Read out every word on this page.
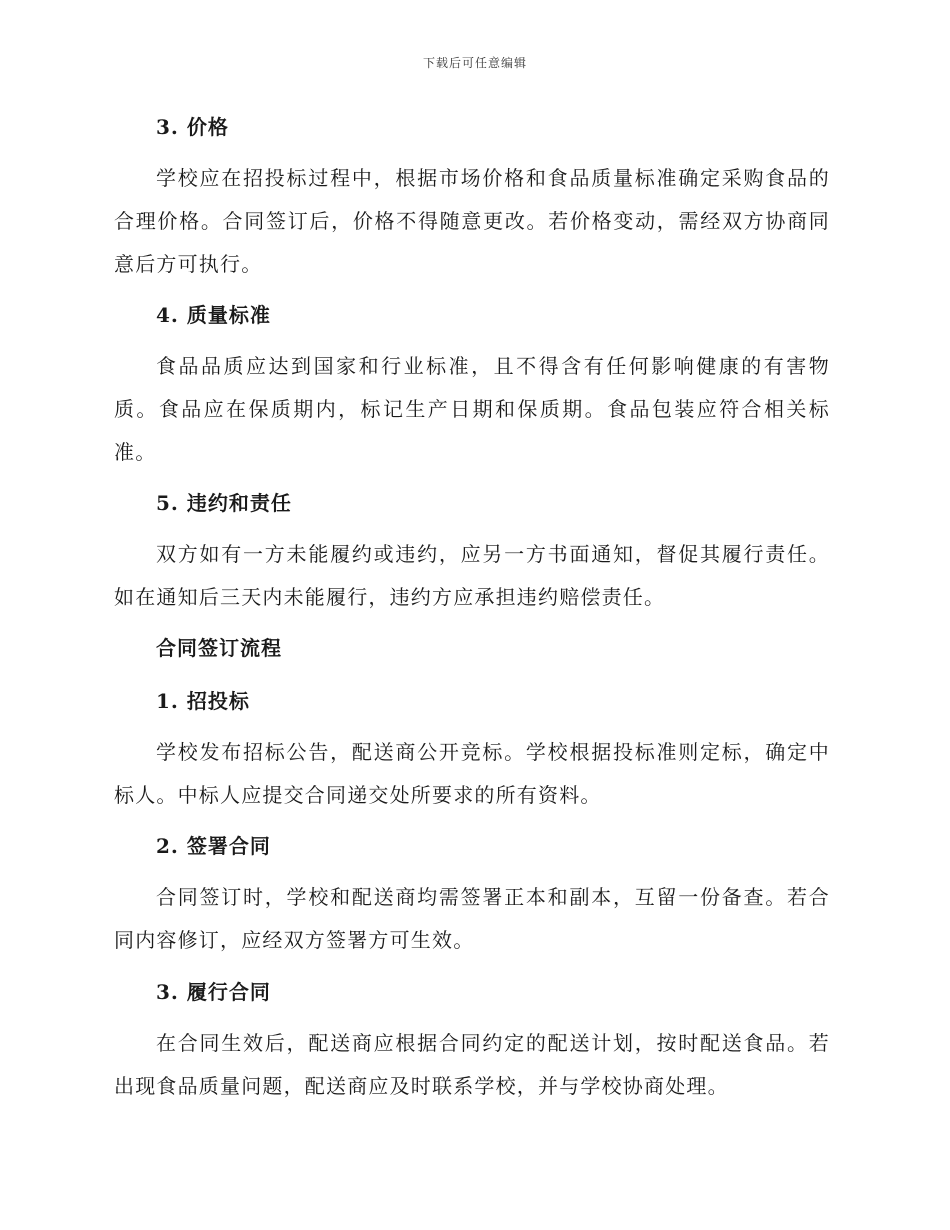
下载后可任意编辑
3. 价格
学校应在招投标过程中，根据市场价格和食品质量标准确定采购食品的合理价格。合同签订后，价格不得随意更改。若价格变动，需经双方协商同意后方可执行。
4. 质量标准
食品品质应达到国家和行业标准，且不得含有任何影响健康的有害物质。食品应在保质期内，标记生产日期和保质期。食品包装应符合相关标准。
5. 违约和责任
双方如有一方未能履约或违约，应另一方书面通知，督促其履行责任。如在通知后三天内未能履行，违约方应承担违约赔偿责任。
合同签订流程
1. 招投标
学校发布招标公告，配送商公开竞标。学校根据投标准则定标，确定中标人。中标人应提交合同递交处所要求的所有资料。
2. 签署合同
合同签订时，学校和配送商均需签署正本和副本，互留一份备查。若合同内容修订，应经双方签署方可生效。
3. 履行合同
在合同生效后，配送商应根据合同约定的配送计划，按时配送食品。若出现食品质量问题，配送商应及时联系学校，并与学校协商处理。
